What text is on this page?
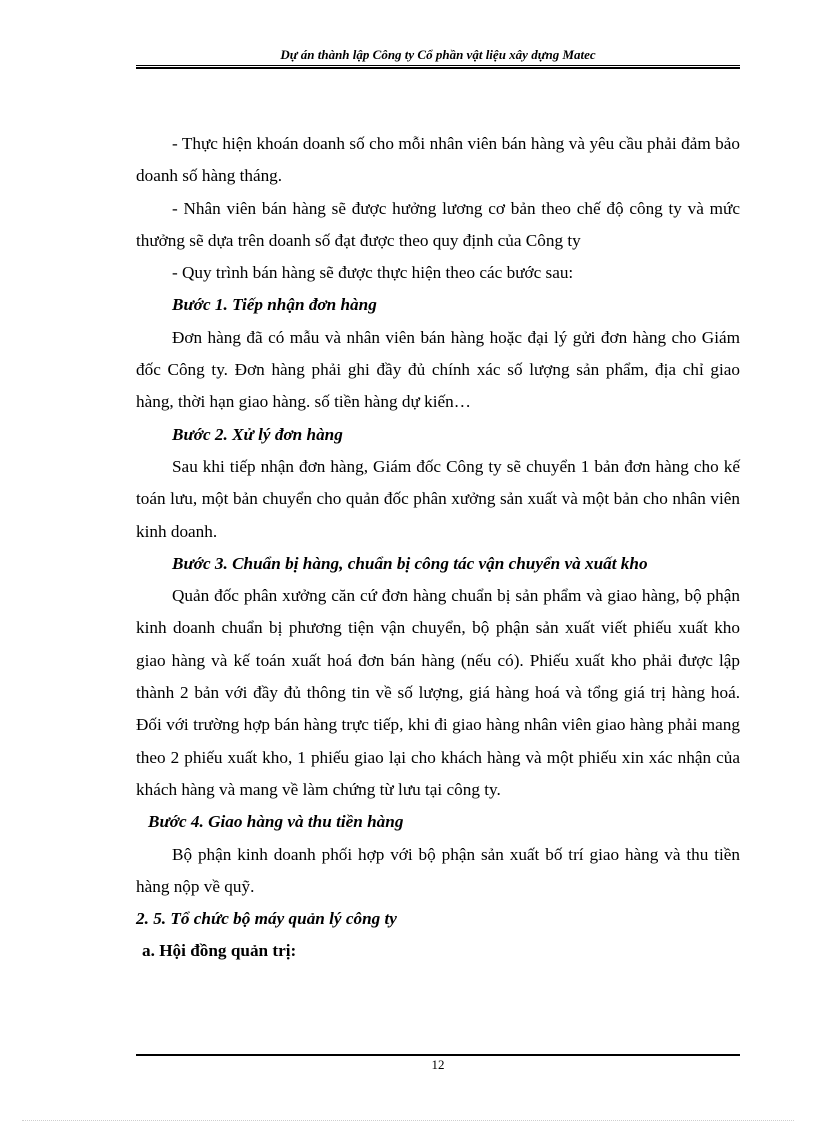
Dự án thành lập Công ty Cổ phần vật liệu xây dựng Matec

- Thực hiện khoán doanh số cho mỗi nhân viên bán hàng và yêu cầu phải đảm bảo doanh số hàng tháng.

- Nhân viên bán hàng sẽ được hưởng lương cơ bản theo chế độ công ty và mức thưởng sẽ dựa trên doanh số đạt được theo quy định của Công ty

- Quy trình bán hàng sẽ được thực hiện theo các bước sau:

Bước 1. Tiếp nhận đơn hàng

Đơn hàng đã có mẫu và nhân viên bán hàng hoặc đại lý gửi đơn hàng cho Giám đốc Công ty. Đơn hàng phải ghi đầy đủ chính xác số lượng sản phẩm, địa chỉ giao hàng, thời hạn giao hàng. số tiền hàng dự kiến…

Bước 2. Xử lý đơn hàng

Sau khi tiếp nhận đơn hàng, Giám đốc Công ty sẽ chuyển 1 bản đơn hàng cho kế toán lưu, một bản chuyển cho quản đốc phân xưởng sản xuất và một bản cho nhân viên kinh doanh.

Bước 3. Chuẩn bị hàng, chuẩn bị công tác vận chuyển và xuất kho

Quản đốc phân xưởng căn cứ đơn hàng chuẩn bị sản phẩm và giao hàng, bộ phận kinh doanh chuẩn bị phương tiện vận chuyển, bộ phận sản xuất viết phiếu xuất kho giao hàng và kế toán xuất hoá đơn bán hàng (nếu có). Phiếu xuất kho phải được lập thành 2 bản với đầy đủ thông tin về số lượng, giá hàng hoá và tổng giá trị hàng hoá. Đối với trường hợp bán hàng trực tiếp, khi đi giao hàng nhân viên giao hàng phải mang theo 2 phiếu xuất kho, 1 phiếu giao lại cho khách hàng và một phiếu xin xác nhận của khách hàng và mang về làm chứng từ lưu tại công ty.

Bước 4. Giao hàng và thu tiền hàng

Bộ phận kinh doanh phối hợp với bộ phận sản xuất bố trí giao hàng và thu tiền hàng nộp về quỹ.

2. 5. Tổ chức bộ máy quản lý công ty

a. Hội đồng quản trị:

12
